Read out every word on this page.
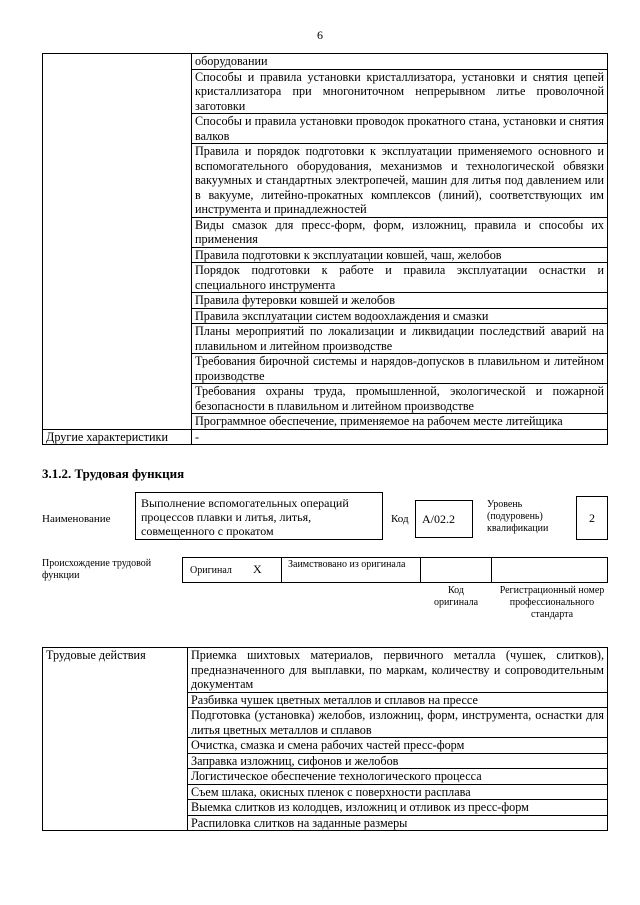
6
	оборудовании
	Способы и правила установки кристаллизатора, установки и снятия цепей кристаллизатора при многониточном непрерывном литье проволочной заготовки
	Способы и правила установки проводок прокатного стана, установки и снятия валков
	Правила и порядок подготовки к эксплуатации применяемого основного и вспомогательного оборудования, механизмов и технологической обвязки вакуумных и стандартных электропечей, машин для литья под давлением или в вакууме, литейно-прокатных комплексов (линий), соответствующих им инструмента и принадлежностей
	Виды смазок для пресс-форм, форм, изложниц, правила и способы их применения
	Правила подготовки к эксплуатации ковшей, чаш, желобов
	Порядок подготовки к работе и правила эксплуатации оснастки и специального инструмента
	Правила футеровки ковшей и желобов
	Правила эксплуатации систем водоохлаждения и смазки
	Планы мероприятий по локализации и ликвидации последствий аварий на плавильном и литейном производстве
	Требования бирочной системы и нарядов-допусков в плавильном и литейном производстве
	Требования охраны труда, промышленной, экологической и пожарной безопасности в плавильном и литейном производстве
	Программное обеспечение, применяемое на рабочем месте литейщика
Другие характеристики	-
3.1.2. Трудовая функция
Наименование
Выполнение вспомогательных операций процессов плавки и литья, литья, совмещенного с прокатом
Код А/02.2
Уровень (подуровень) квалификации
2
Происхождение трудовой функции	Оригинал X	Заимствовано из оригинала
Код оригинала
Регистрационный номер профессионального стандарта
Трудовые действия	Приемка шихтовых материалов, первичного металла (чушек, слитков), предназначенного для выплавки, по маркам, количеству и сопроводительным документам
Разбивка чушек цветных металлов и сплавов на прессе
Подготовка (установка) желобов, изложниц, форм, инструмента, оснастки для литья цветных металлов и сплавов
Очистка, смазка и смена рабочих частей пресс-форм
Заправка изложниц, сифонов и желобов
Логистическое обеспечение технологического процесса
Съем шлака, окисных пленок с поверхности расплава
Выемка слитков из колодцев, изложниц и отливок из пресс-форм
Распиловка слитков на заданные размеры
